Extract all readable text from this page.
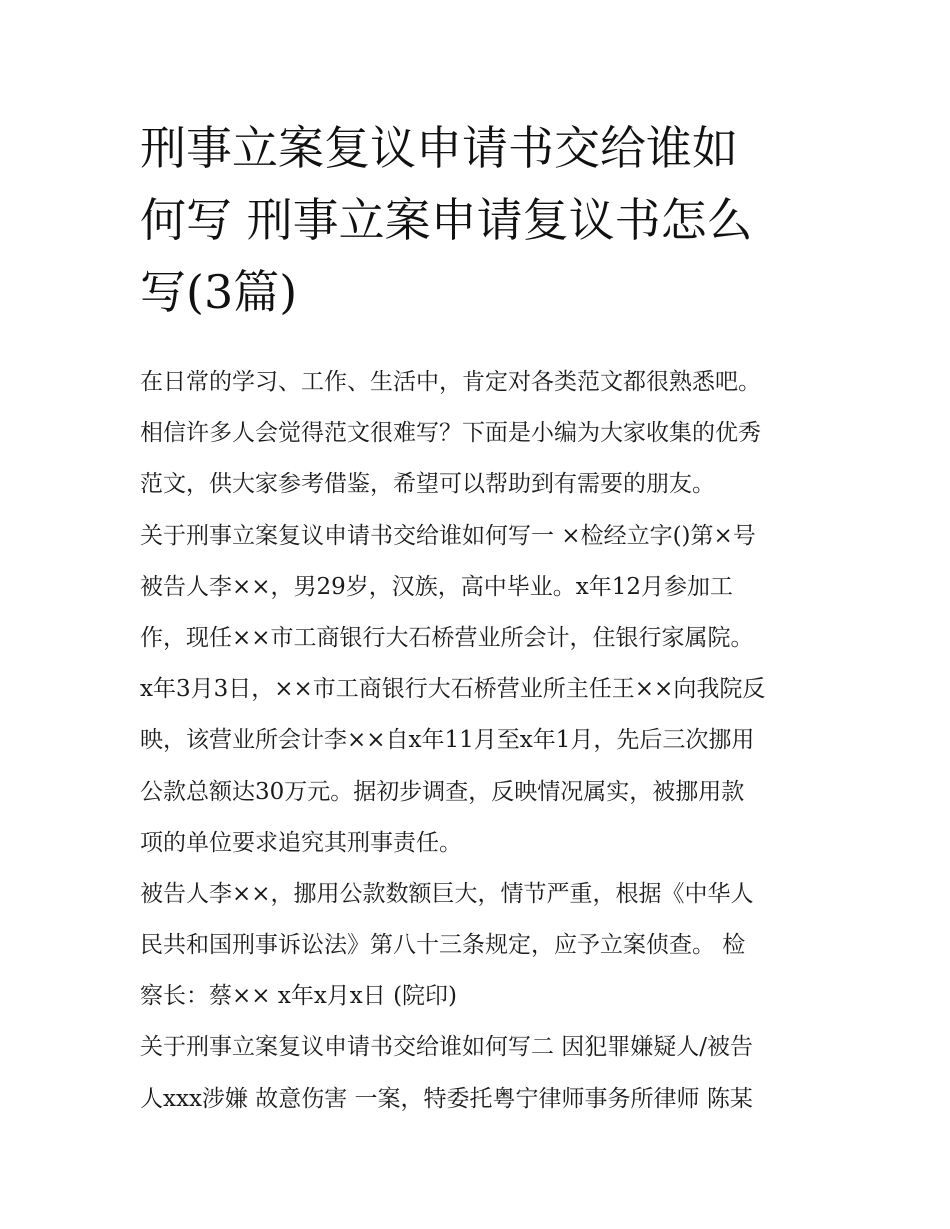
刑事立案复议申请书交给谁如
何写 刑事立案申请复议书怎么
写(3篇)
在日常的学习、工作、生活中，肯定对各类范文都很熟悉吧。
相信许多人会觉得范文很难写？下面是小编为大家收集的优秀
范文，供大家参考借鉴，希望可以帮助到有需要的朋友。
关于刑事立案复议申请书交给谁如何写一 ×检经立字()第×号
被告人李××，男29岁，汉族，高中毕业。x年12月参加工
作，现任××市工商银行大石桥营业所会计，住银行家属院。
x年3月3日，××市工商银行大石桥营业所主任王××向我院反
映，该营业所会计李××自x年11月至x年1月，先后三次挪用
公款总额达30万元。据初步调查，反映情况属实，被挪用款
项的单位要求追究其刑事责任。
被告人李××，挪用公款数额巨大，情节严重，根据《中华人
民共和国刑事诉讼法》第八十三条规定，应予立案侦查。 检
察长：蔡×× x年x月x日 (院印)
关于刑事立案复议申请书交给谁如何写二 因犯罪嫌疑人/被告
人xxx涉嫌 故意伤害 一案，特委托粤宁律师事务所律师 陈某
